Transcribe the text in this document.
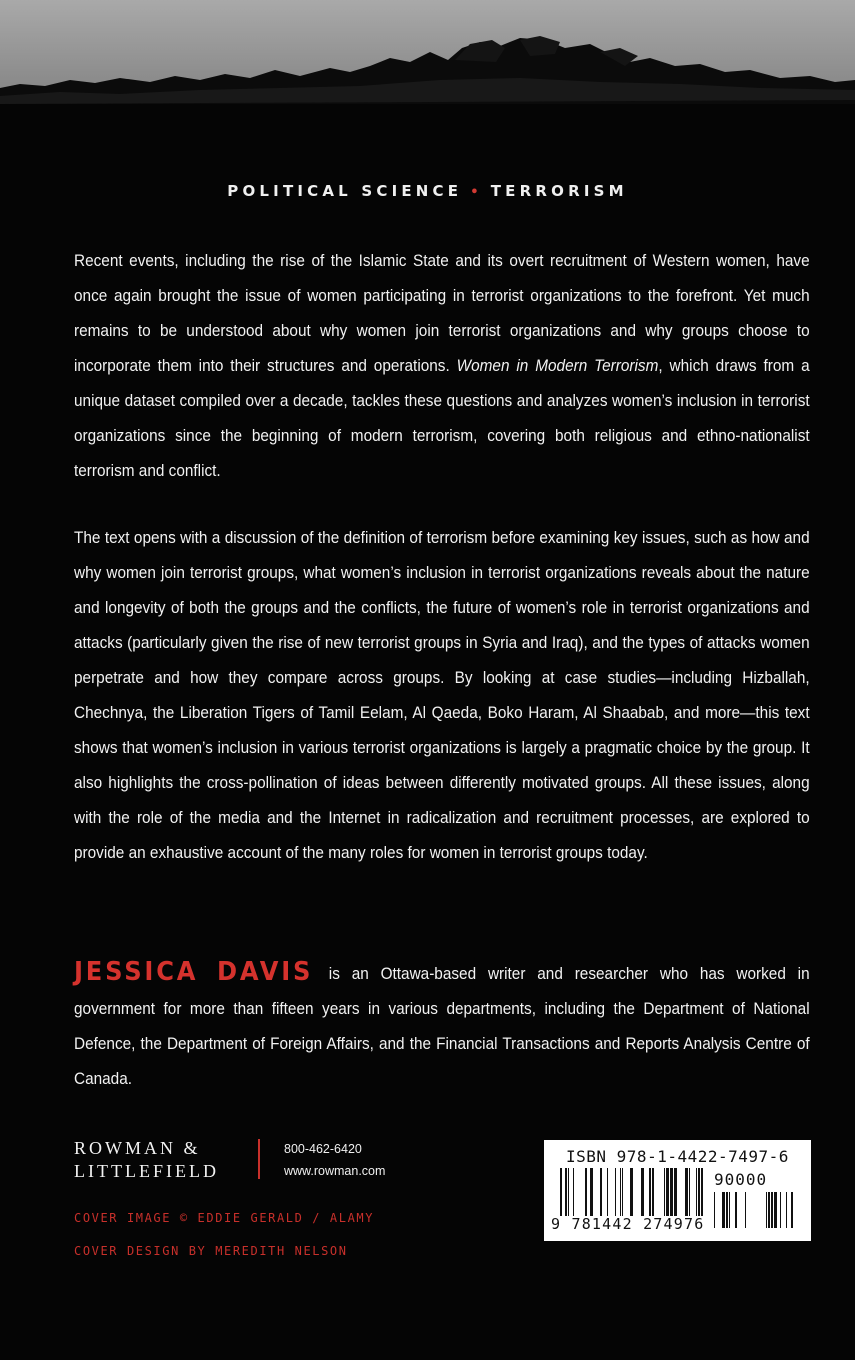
POLITICAL SCIENCE • TERRORISM
Recent events, including the rise of the Islamic State and its overt recruitment of Western women, have once again brought the issue of women participating in terrorist organizations to the forefront. Yet much remains to be understood about why women join terrorist organizations and why groups choose to incorporate them into their structures and operations. Women in Modern Terrorism, which draws from a unique dataset compiled over a decade, tackles these questions and analyzes women’s inclusion in terrorist organizations since the beginning of modern terrorism, covering both religious and ethno-nationalist terrorism and conflict.
The text opens with a discussion of the definition of terrorism before examining key issues, such as how and why women join terrorist groups, what women’s inclusion in terrorist organizations reveals about the nature and longevity of both the groups and the conflicts, the future of women’s role in terrorist organizations and attacks (particularly given the rise of new terrorist groups in Syria and Iraq), and the types of attacks women perpetrate and how they compare across groups. By looking at case studies—including Hizballah, Chechnya, the Liberation Tigers of Tamil Eelam, Al Qaeda, Boko Haram, Al Shaabab, and more—this text shows that women’s inclusion in various terrorist organizations is largely a pragmatic choice by the group. It also highlights the cross-pollination of ideas between differently motivated groups. All these issues, along with the role of the media and the Internet in radicalization and recruitment processes, are explored to provide an exhaustive account of the many roles for women in terrorist groups today.
JESSICA DAVIS is an Ottawa-based writer and researcher who has worked in government for more than fifteen years in various departments, including the Department of National Defence, the Department of Foreign Affairs, and the Financial Transactions and Reports Analysis Centre of Canada.
ROWMAN &
LITTLEFIELD
800-462-6420
www.rowman.com
COVER IMAGE © EDDIE GERALD / ALAMY
COVER DESIGN BY MEREDITH NELSON
ISBN 978-1-4422-7497-6
90000
9 781442 274976
